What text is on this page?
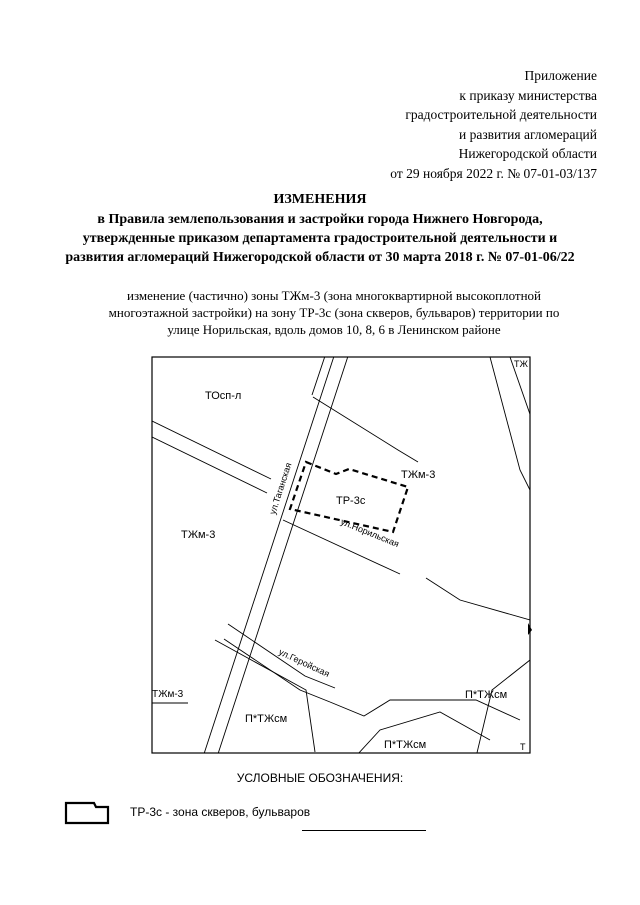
Приложение
к приказу министерства
градостроительной деятельности
и развития агломераций
Нижегородской области
от 29 ноября 2022 г. № 07-01-03/137
ИЗМЕНЕНИЯ
в Правила землепользования и застройки города Нижнего Новгорода,
утвержденные приказом департамента градостроительной деятельности и
развития агломераций Нижегородской области от 30 марта 2018 г. № 07-01-06/22
изменение (частично) зоны ТЖм-3 (зона многоквартирной высокоплотной
многоэтажной застройки) на зону ТР-3с (зона скверов, бульваров) территории по
улице Норильская, вдоль домов 10, 8, 6 в Ленинском районе
ТОсп-л
ТЖм-3
ТР-3с
ТЖм-3
ТЖм-3
П*ТЖсм
П*ТЖсм
П*ТЖсм
ТЖ
Т
ул.Таганская
ул.Норильская
ул.Геройская
УСЛОВНЫЕ ОБОЗНАЧЕНИЯ:
ТР-3с - зона скверов, бульваров
